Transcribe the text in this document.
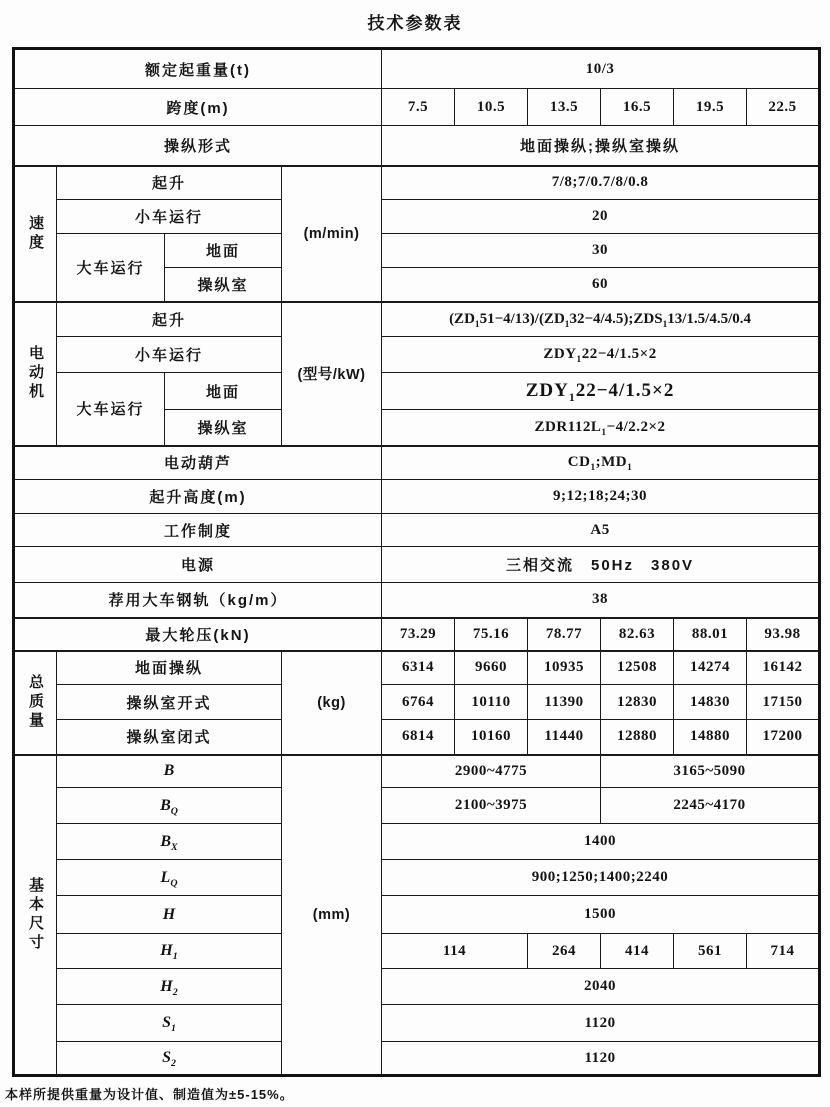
技术参数表
额定起重量(t)				10/3					
跨度(m)				7.5	10.5	13.5	16.5	19.5	22.5
操纵形式				地面操纵;操纵室操纵					
速度	起升		(m/min)	7/8;7/0.7/8/0.8					
	小车运行			20					
	大车运行	地面		30					
		操纵室		60					
电动机	起升		(型号/kW)	$(ZD_151-4/13)/(ZD_132-4/4.5);ZDS_113/1.5/4.5/0.4$					
	小车运行			$ZDY_122-4/1.5\times 2$					
	大车运行	地面		$ZDY_122-4/1.5\times 2$					
		操纵室		$ZDR112L_1-4/2.2\times 2$					
电动葫芦				$CD_1;MD_1$
起升高度(m)				9;12;18;24;30					
工作制度				A5					
电源				三相交流　50Hz　380V					
荐用大车钢轨（kg/m）				38					
最大轮压(kN)				73.29	75.16	78.77	82.63	88.01	93.98
总质量	地面操纵		(kg)	6314	9660	10935	12508	14274	16142
	操纵室开式			6764	10110	11390	12830	14830	17150
	操纵室闭式			6814	10160	11440	12880	14880	17200
基本尺寸	B		(mm)	2900~4775			3165~5090		
	$B_Q$			2100~3975			2245~4170		
	$B_X$			1400					
	$L_Q$			900;1250;1400;2240					
	H			1500					
	$H_1$			114		264	414	561	714
	$H_2$			2040					
	$S_1$			1120					
	$S_2$			1120					
本样所提供重量为设计值、制造值为±5-15%。
